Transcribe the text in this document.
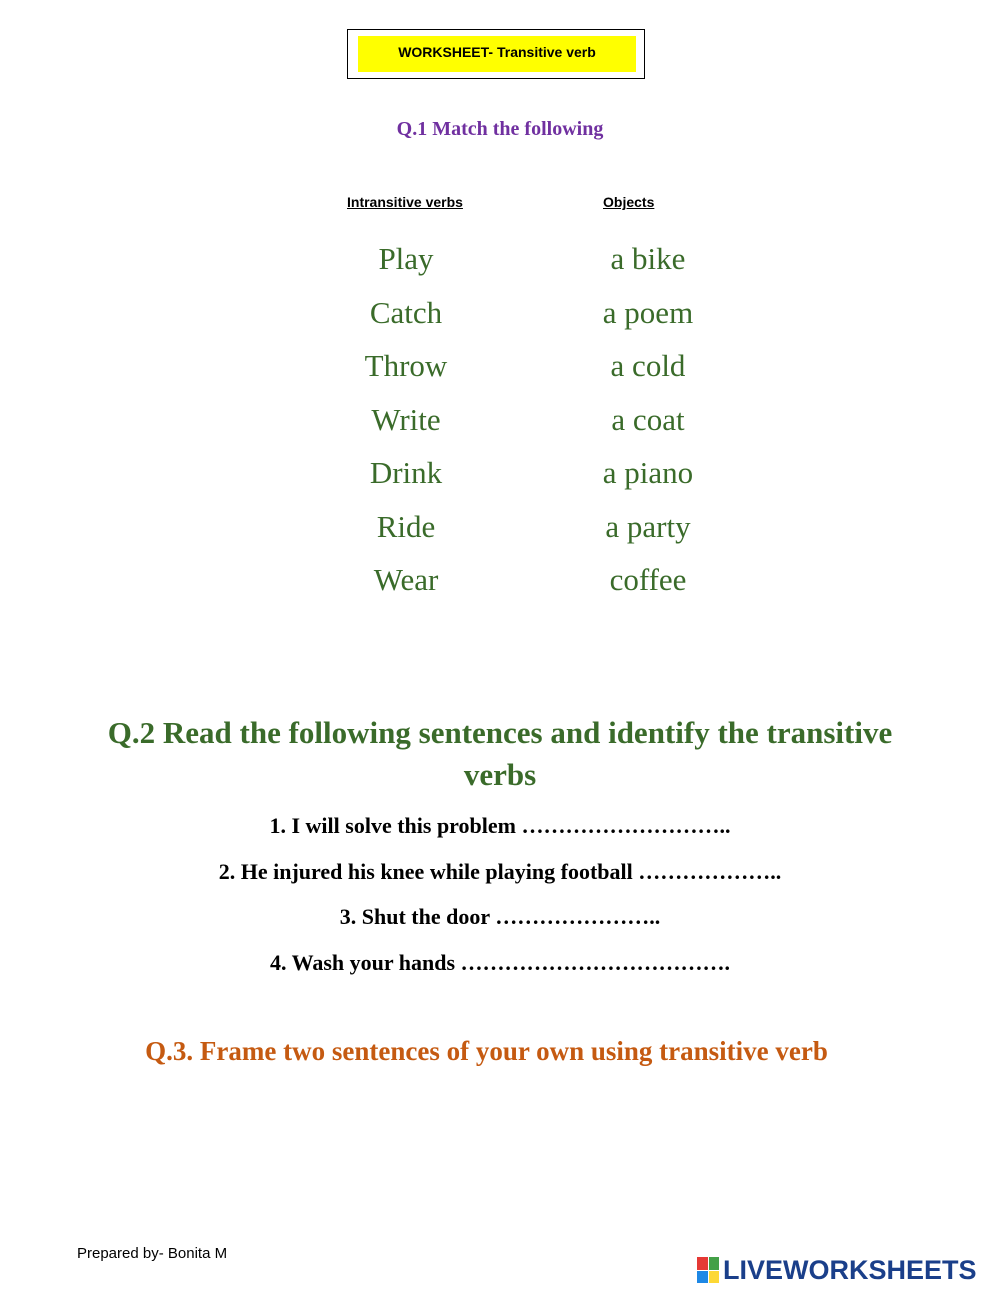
WORKSHEET- Transitive verb
Q.1 Match the following
Intransitive verbs	Objects
Play
Catch
Throw
Write
Drink
Ride
Wear
a bike
a poem
a cold
a coat
a piano
a party
coffee
Q.2 Read the following sentences and identify the transitive verbs
1. I will solve this problem ………………………..
2. He injured his knee while playing football ………………..
3. Shut the door …………………..
4. Wash your hands ……………………………….
Q.3. Frame two sentences of your own using transitive verb
Prepared by- Bonita M
LIVEWORKSHEETS
